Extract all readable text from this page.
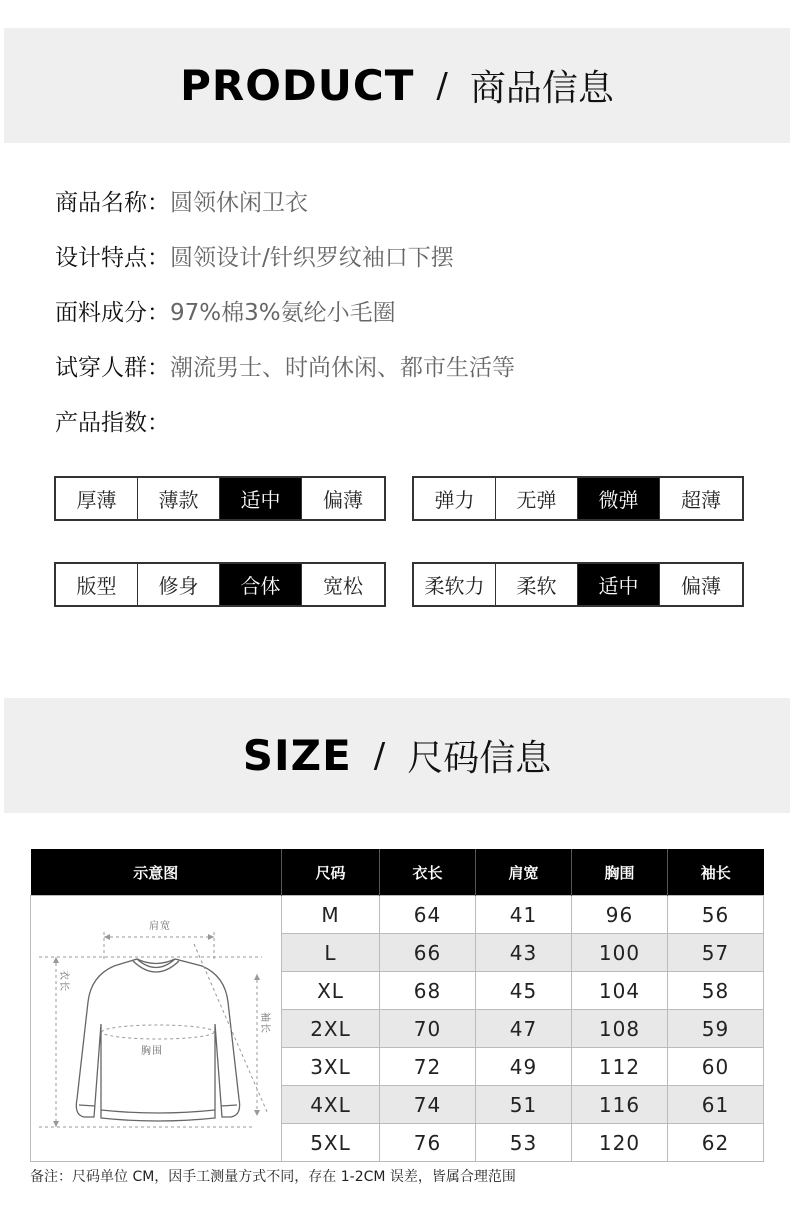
PRODUCT / 商品信息
商品名称：圆领休闲卫衣
设计特点：圆领设计/针织罗纹袖口下摆
面料成分：97%棉3%氨纶小毛圈
试穿人群：潮流男士、时尚休闲、都市生活等
产品指数：
厚薄	薄款	适中	偏薄	弹力	无弹	微弹	超薄
版型	修身	合体	宽松	柔软力	柔软	适中	偏薄
SIZE / 尺码信息
示意图	尺码	衣长	肩宽	胸围	袖长

肩宽
胸围
衣长
袖长	M	64	41	96	56
	L	66	43	100	57
	XL	68	45	104	58
	2XL	70	47	108	59
	3XL	72	49	112	60
	4XL	74	51	116	61
	5XL	76	53	120	62
备注：尺码单位 CM，因手工测量方式不同，存在 1-2CM 误差，皆属合理范围
